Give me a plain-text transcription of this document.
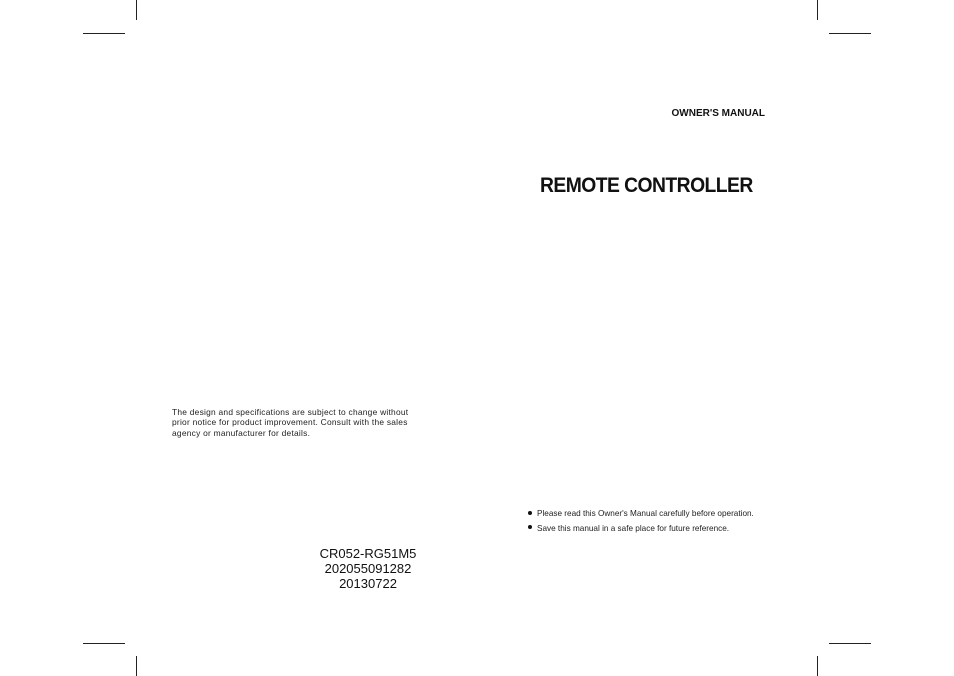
OWNER'S MANUAL
REMOTE CONTROLLER
The design and specifications are subject to change without
prior notice for product improvement. Consult with the sales
agency or manufacturer for details.
Please read this Owner's Manual carefully before operation.
Save this manual in a safe place for future reference.
CR052-RG51M5
202055091282
20130722
